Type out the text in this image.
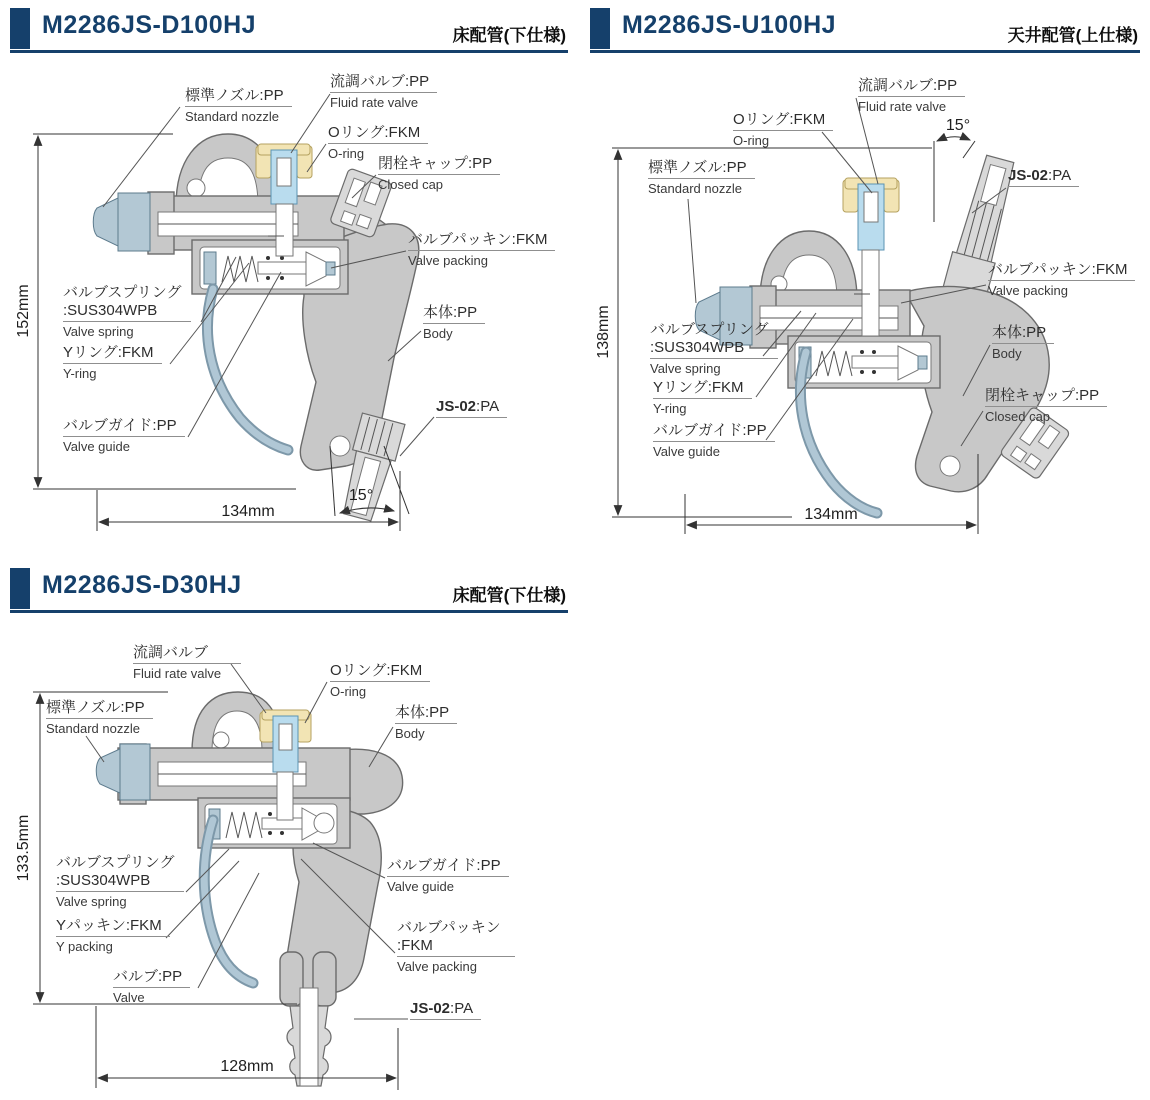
M2286JS-D100HJ	床配管(下仕様) M2286JS-U100HJ	天井配管(上仕様)
M2286JS-D30HJ	床配管(下仕様)
標準ノズル:PP
Standard nozzle
流調バルブ:PP
Fluid rate valve
Oリング:FKM
O-ring
閉栓キャップ:PP
Closed cap
バルブパッキン:FKM
Valve packing
バルブスプリング
:SUS304WPB
Valve spring
Yリング:FKM
Y-ring
バルブガイド:PP
Valve guide
本体:PP
Body
JS-02:PA
152mm
134mm
15°
流調バルブ:PP
Fluid rate valve
Oリング:FKM
O-ring
標準ノズル:PP
Standard nozzle
JS-02:PA
バルブパッキン:FKM
Valve packing
バルブスプリング
:SUS304WPB
Valve spring
Yリング:FKM
Y-ring
バルブガイド:PP
Valve guide
本体:PP
Body
閉栓キャップ:PP
Closed cap
138mm
134mm
15°
流調バルブ
Fluid rate valve	Oリング:FKM
O-ring
標準ノズル:PP
Standard nozzle
本体:PP
Body
バルブスプリング
:SUS304WPB
Valve spring
Yパッキン:FKM
Y packing
バルブ:PP
Valve
バルブガイド:PP
Valve guide
バルブパッキン
:FKM
Valve packing
JS-02:PA
133.5mm
128mm
